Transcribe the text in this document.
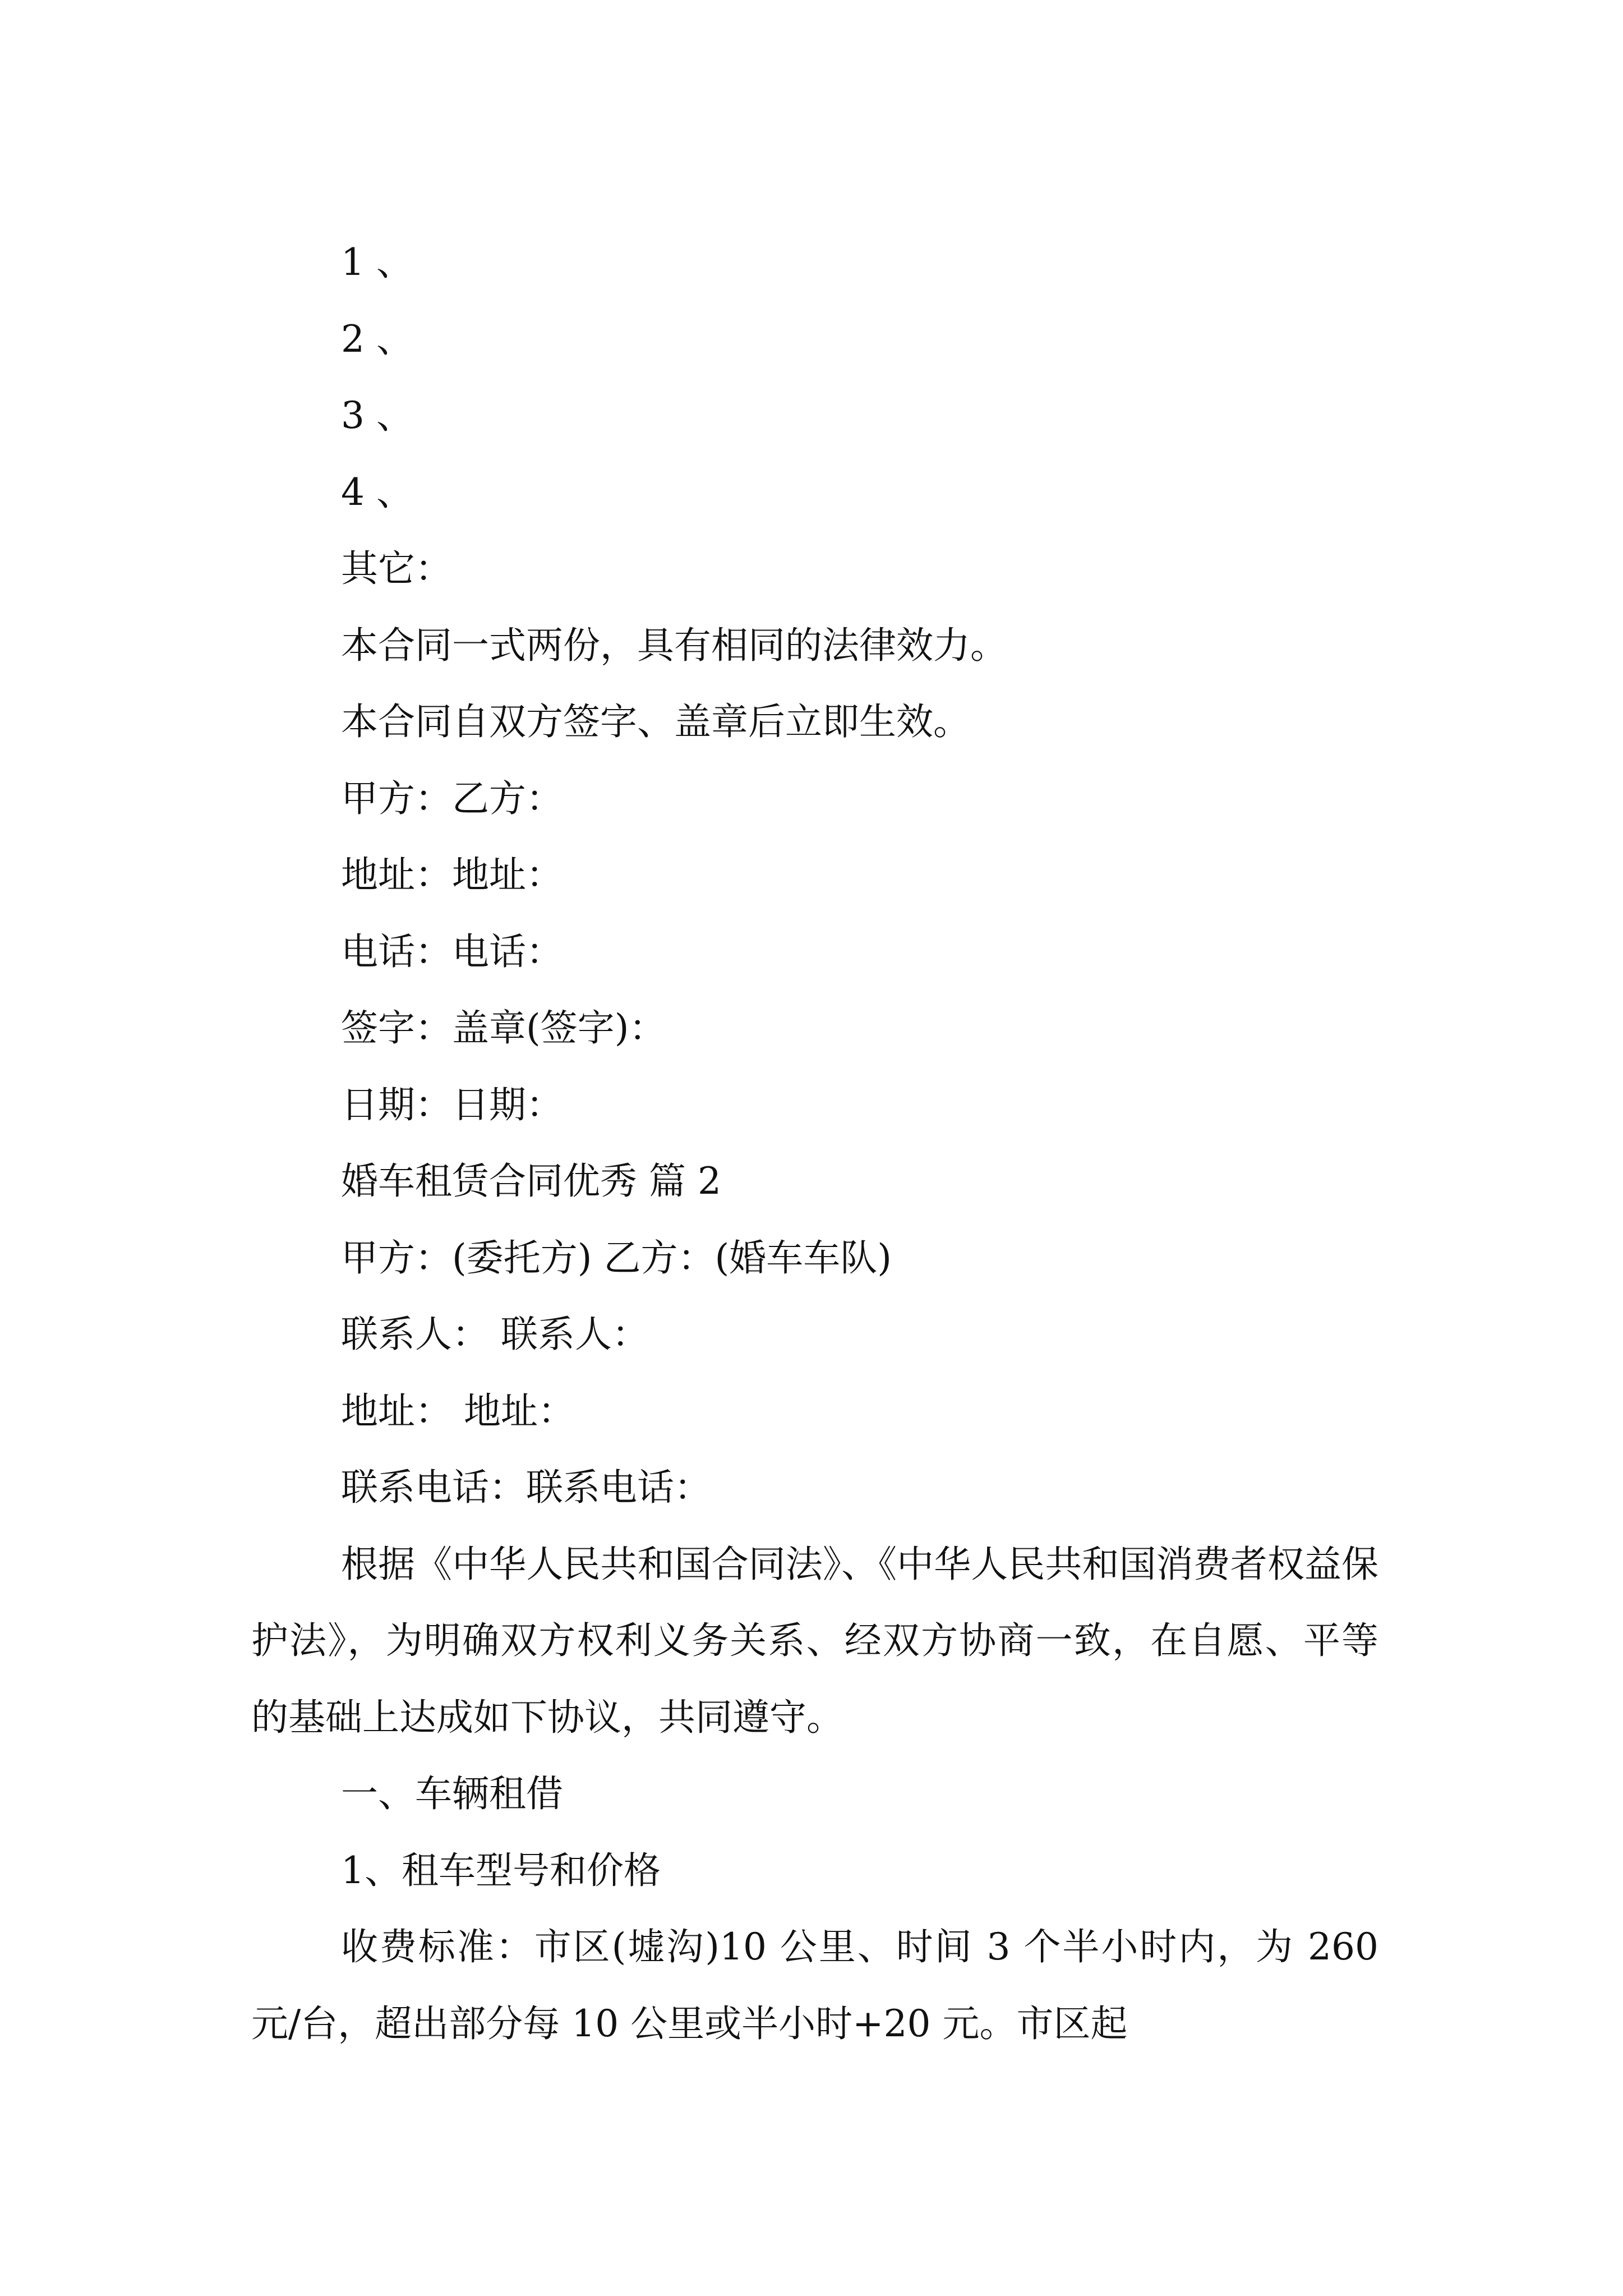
1 、

2 、

3 、

4 、

其它：

本合同一式两份，具有相同的法律效力。

本合同自双方签字、盖章后立即生效。

甲方：乙方：

地址：地址：

电话：电话：

签字：盖章(签字)：

日期：日期：

婚车租赁合同优秀 篇 2

甲方：(委托方) 乙方：(婚车车队)

联系人： 联系人：

地址： 地址：

联系电话：联系电话：

根据《中华人民共和国合同法》、《中华人民共和国消费者权益保护法》，为明确双方权利义务关系、经双方协商一致，在自愿、平等的基础上达成如下协议，共同遵守。

一、车辆租借

1、租车型号和价格

收费标准：市区(墟沟)10 公里、时间 3 个半小时内，为 260 元/台，超出部分每 10 公里或半小时+20 元。市区起
